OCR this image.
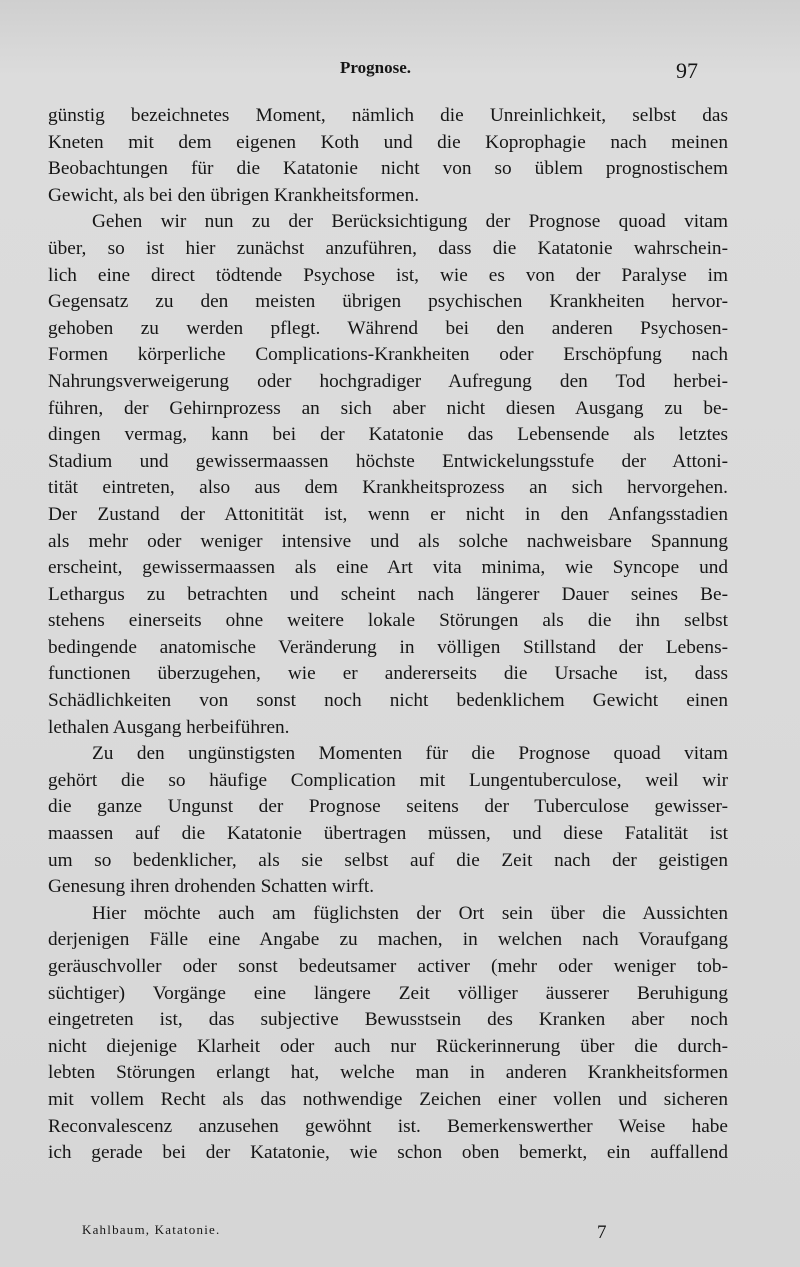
Prognose.	97
günstig bezeichnetes Moment, nämlich die Unreinlichkeit, selbst das
Kneten mit dem eigenen Koth und die Koprophagie nach meinen
Beobachtungen für die Katatonie nicht von so üblem prognostischem
Gewicht, als bei den übrigen Krankheitsformen.
Gehen wir nun zu der Berücksichtigung der Prognose quoad vitam
über, so ist hier zunächst anzuführen, dass die Katatonie wahrschein-
lich eine direct tödtende Psychose ist, wie es von der Paralyse im
Gegensatz zu den meisten übrigen psychischen Krankheiten hervor-
gehoben zu werden pflegt. Während bei den anderen Psychosen-
Formen körperliche Complications-Krankheiten oder Erschöpfung nach
Nahrungsverweigerung oder hochgradiger Aufregung den Tod herbei-
führen, der Gehirnprozess an sich aber nicht diesen Ausgang zu be-
dingen vermag, kann bei der Katatonie das Lebensende als letztes
Stadium und gewissermaassen höchste Entwickelungsstufe der Attoni-
tität eintreten, also aus dem Krankheitsprozess an sich hervorgehen.
Der Zustand der Attonitität ist, wenn er nicht in den Anfangsstadien
als mehr oder weniger intensive und als solche nachweisbare Spannung
erscheint, gewissermaassen als eine Art vita minima, wie Syncope und
Lethargus zu betrachten und scheint nach längerer Dauer seines Be-
stehens einerseits ohne weitere lokale Störungen als die ihn selbst
bedingende anatomische Veränderung in völligen Stillstand der Lebens-
functionen überzugehen, wie er andererseits die Ursache ist, dass
Schädlichkeiten von sonst noch nicht bedenklichem Gewicht einen
lethalen Ausgang herbeiführen.
Zu den ungünstigsten Momenten für die Prognose quoad vitam
gehört die so häufige Complication mit Lungentuberculose, weil wir
die ganze Ungunst der Prognose seitens der Tuberculose gewisser-
maassen auf die Katatonie übertragen müssen, und diese Fatalität ist
um so bedenklicher, als sie selbst auf die Zeit nach der geistigen
Genesung ihren drohenden Schatten wirft.
Hier möchte auch am füglichsten der Ort sein über die Aussichten
derjenigen Fälle eine Angabe zu machen, in welchen nach Voraufgang
geräuschvoller oder sonst bedeutsamer activer (mehr oder weniger tob-
süchtiger) Vorgänge eine längere Zeit völliger äusserer Beruhigung
eingetreten ist, das subjective Bewusstsein des Kranken aber noch
nicht diejenige Klarheit oder auch nur Rückerinnerung über die durch-
lebten Störungen erlangt hat, welche man in anderen Krankheitsformen
mit vollem Recht als das nothwendige Zeichen einer vollen und sicheren
Reconvalescenz anzusehen gewöhnt ist. Bemerkenswerther Weise habe
ich gerade bei der Katatonie, wie schon oben bemerkt, ein auffallend
Kahlbaum, Katatonie.	7
